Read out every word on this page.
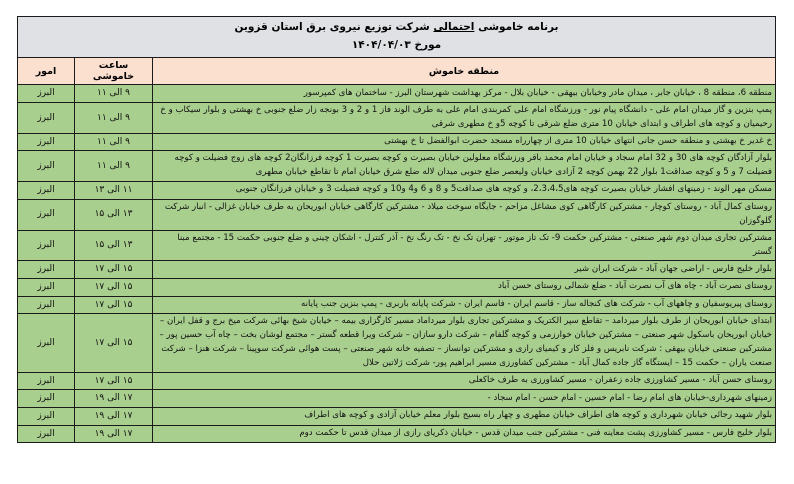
برنامه خاموشی احتمالی شرکت توزیع نیروی برق استان قزوین
مورخ ۱۴۰۴/۰۴/۰۳		

منطقه خاموش	ساعت خاموشی	امور
منطقه 6، منطقه 8 ، خیابان جابر ، میدان مادر وخیابان بیهقی - خیابان بلال - مرکز بهداشت شهرستان البرز - ساختمان های کمپرسور	۹ الی ۱۱	البرز
پمپ بنزین و گاز میدان امام علی - دانشگاه پیام نور - ورزشگاه امام علی کمربندی امام علی به طرف الوند فاز 1 و 2 و 3 بونجه زار ضلع جنوبی خ بهشتی و بلوار سیکاب و خ رحیمیان و کوچه های اطراف و ابتدای خیابان 10 متری ضلع شرقی تا کوچه 5و خ مطهری شرقی	۹ الی ۱۱	البرز
خ غدیر خ بهشتی و منطقه حسن جانی انتهای خیابان 10 متری از چهارراه مسجد حضرت ابوالفضل تا خ بهشتی	۹ الی ۱۱	البرز
بلوار آزادگان کوچه های 30 و 32 امام سجاد و خیابان امام محمد باقر ورزشگاه معلولین خیابان بصیرت و کوچه بصیرت 1 کوچه فرزانگان2 کوچه های زوج فضیلت و کوچه فضیلت 7 و 5 و کوچه صداقت1 بلوار 22 بهمن کوچه 2 آزادی خیابان ولیعصر ضلع جنوبی میدان لاله ضلع شرق خیابان امام تا تقاطع خیابان مطهری	۹ الی ۱۱	البرز
مسکن مهر الوند - زمینهای افشار خیابان بصیرت کوچه های2،3،4،5، و کوچه های صداقت5 و 8 و 6 و4 و10 و کوچه فضیلت 3 و خیابان فرزانگان جنوبی	۱۱ الی ۱۳	البرز
روستای کمال آباد - روستای کوچار - مشترکین کارگاهی کوی مشاغل مزاحم - جایگاه سوخت میلاد - مشترکین کارگاهی خیابان ابوریحان به طرف خیابان غزالی - انبار شرکت گلوگوزان	۱۳ الی ۱۵	البرز
مشترکین تجاری میدان دوم شهر صنعتی - مشترکین حکمت 9- تک تاز موتور - تهران تک نخ - تک رنگ نخ - آذر کنترل - اشکان چینی و ضلع جنوبی حکمت 15 - مجتمع مبنا گستر	۱۳ الی ۱۵	البرز
بلوار خلیج فارس - اراضی جهان آباد - شرکت ایران شیر	۱۵ الی ۱۷	البرز
روستای نصرت آباد - چاه های آب نصرت آباد - ضلع شمالی روستای حسن آباد	۱۵ الی ۱۷	البرز
روستای پیریوسفیان و چاههای آب - شرکت های کنجاله ساز - قاسم ایران - فاسم ایران - شرکت پایانه باربری - پمپ بنزین جنب پایانه	۱۵ الی ۱۷	البرز
ابتدای خیابان ابوریحان از طرف بلوار میردامد – تقاطع سپر الکتریک و مشترکین تجاری بلوار میرداماد مسیر کارگزاری بیمه – خیابان شیخ بهائی شرکت میخ برج و قفل ایران – خیابان ابوریحان باسکول شهر صنعتی – مشترکین خیابان خوارزمی و کوچه گلفام – شرکت دارو سازان – شرکت ویرا قطعه گستر – مجتمع لوشان بخت – چاه آب حسین پور – مشترکین صنعتی خیابان بیهقی : شرکت نابریس و فلز کار و کیمیای رازی و مشترکین توانساز – تصفیه خانه شهر صنعتی – پست هوائی شرکت سوپینا – شرکت هنزا – شرکت صنعت یاران – حکمت 15 – ایستگاه گاز جاده کمال آباد – مشترکین کشاورزی مسیر ابراهیم پور- شرکت ژلاتین حلال	۱۵ الی ۱۷	البرز
روستای حسن آباد - مسیر کشاورزی جاده زعفران - مسیر کشاورزی به طرف خاکعلی	۱۵ الی ۱۷	البرز
زمینهای شهرداری-خیابان های امام رضا - امام حسین - امام حسن - امام سجاد -	۱۷ الی ۱۹	البرز
بلوار شهید رجائی خیابان شهرداری و کوچه های اطراف خیابان مطهری و چهار راه بسیج بلوار معلم خیابان آزادی و کوچه های اطراف	۱۷ الی ۱۹	البرز
بلوار خلیج فارس - مسیر کشاورزی پشت معاینه فنی - مشترکین جنب میدان قدس - خیابان ذکریای رازی از میدان قدس تا حکمت دوم	۱۷ الی ۱۹	البرز
